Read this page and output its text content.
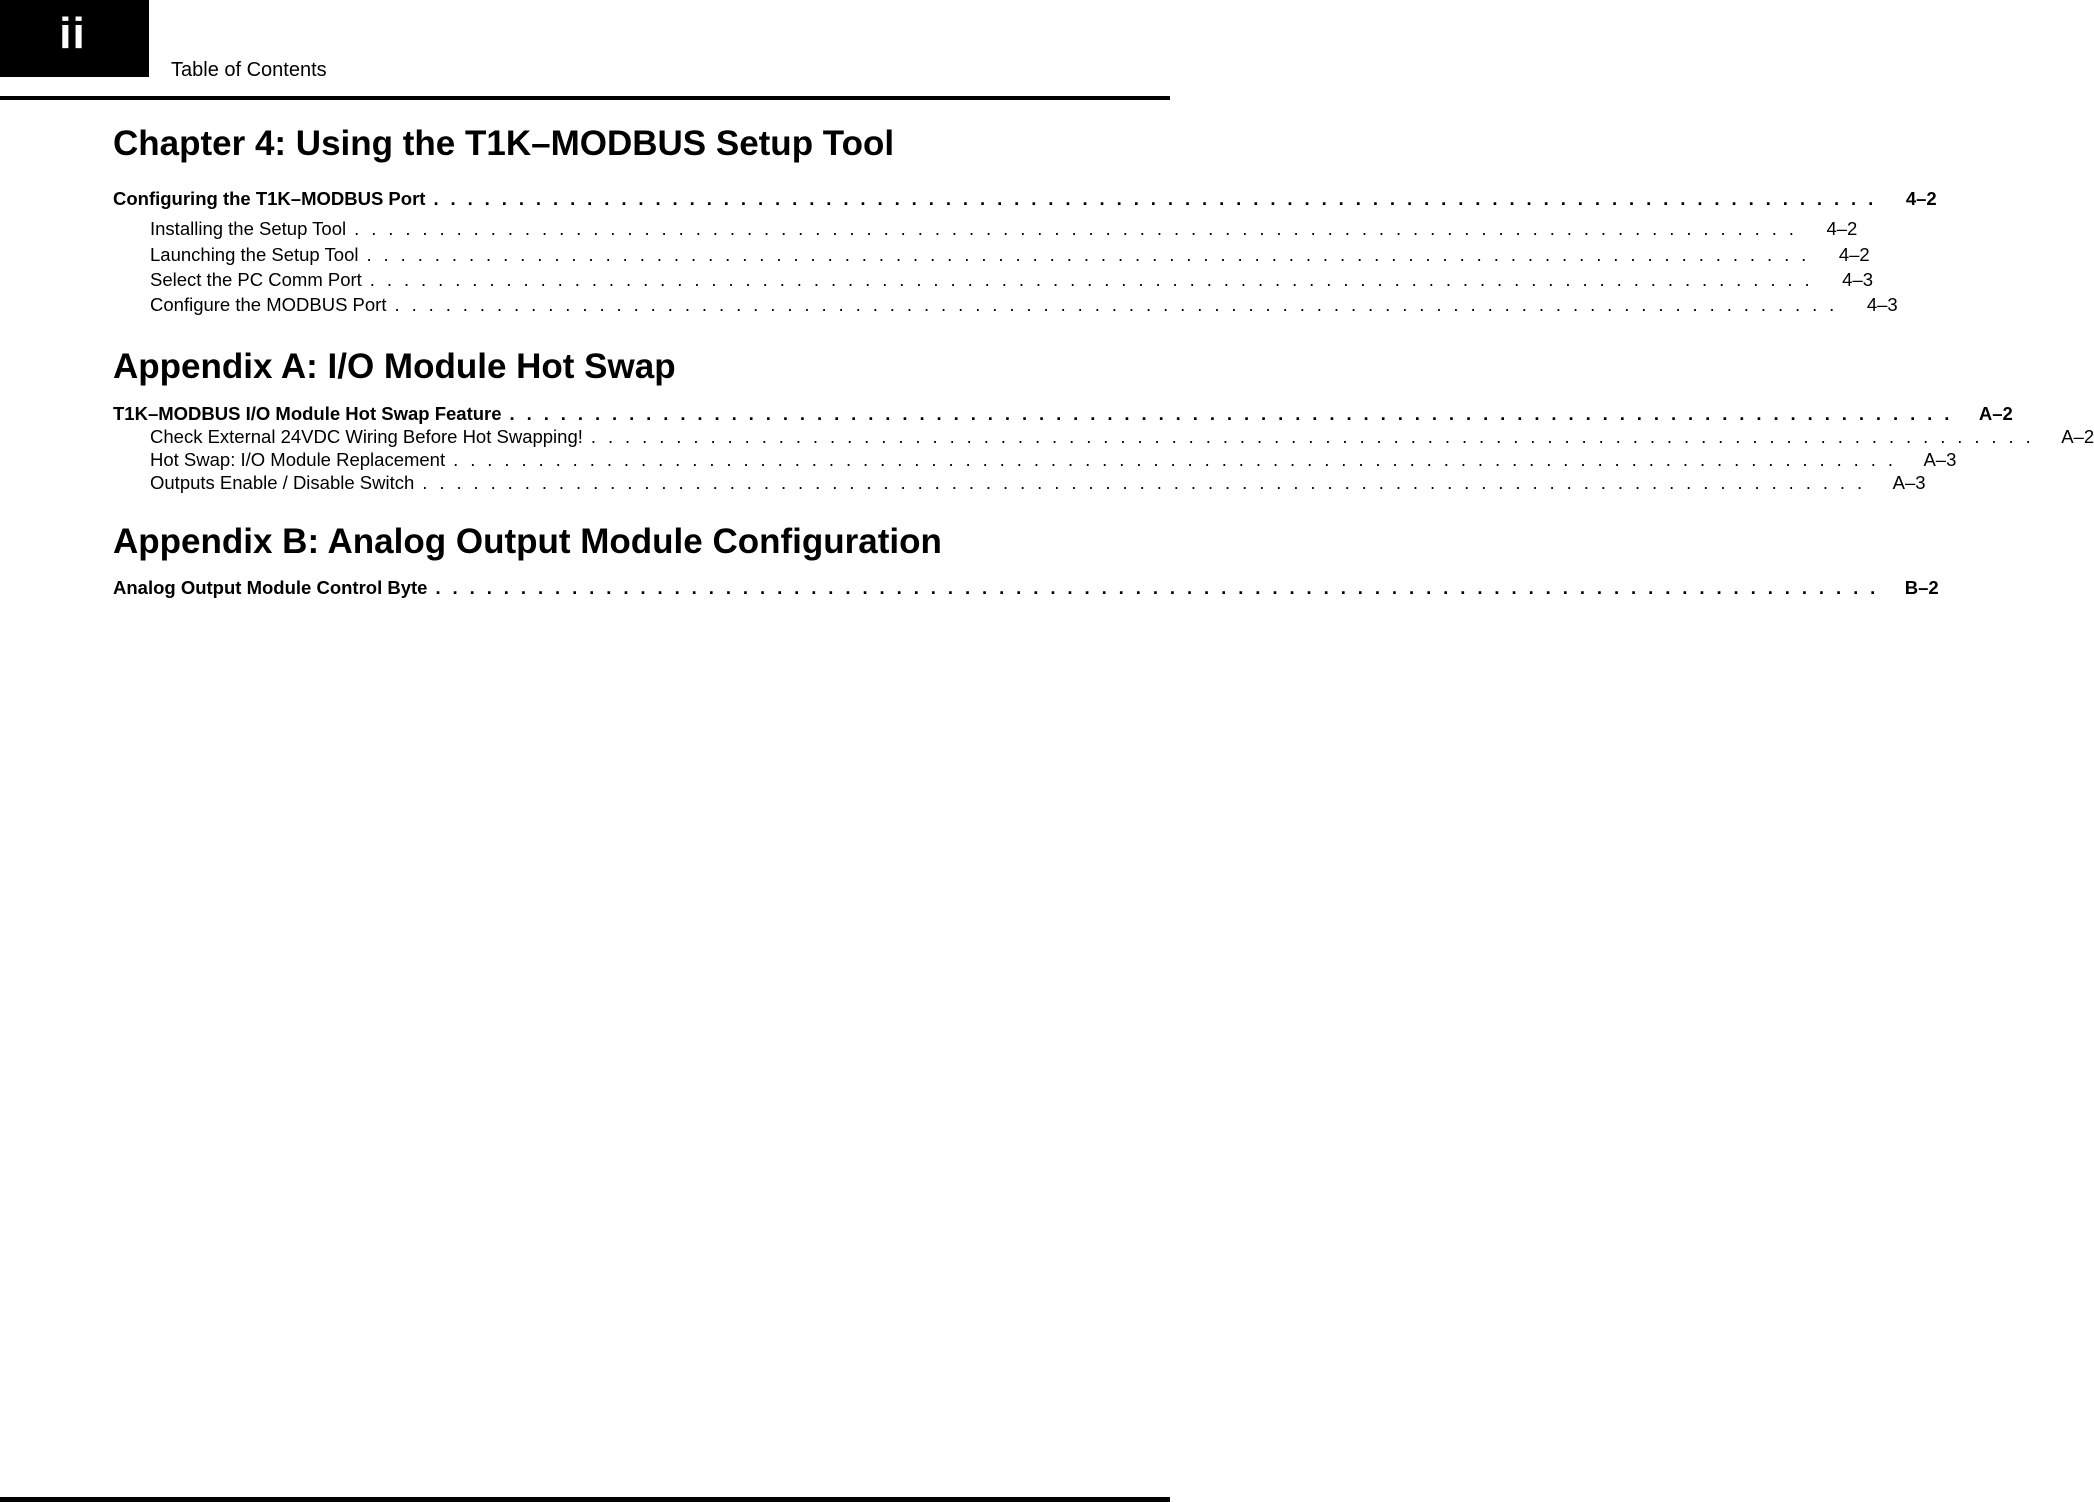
ii
Table of Contents
Chapter 4: Using the T1K–MODBUS Setup Tool
Configuring the T1K–MODBUS Port . . . . . . . . . . . . . . . . . . . . . . . . . . . . . . . . . . . . . . . . . . . . . . . . . . . . . . . . . . . . . . . . . . . . . . . . . . . . . . . . . . . . .	4–2
Installing the Setup Tool . . . . . . . . . . . . . . . . . . . . . . . . . . . . . . . . . . . . . . . . . . . . . . . . . . . . . . . . . . . . . . . . . . . . . . . . . . . . . . . . . . . . .	4–2
Launching the Setup Tool . . . . . . . . . . . . . . . . . . . . . . . . . . . . . . . . . . . . . . . . . . . . . . . . . . . . . . . . . . . . . . . . . . . . . . . . . . . . . . . . . . . . .	4–2
Select the PC Comm Port . . . . . . . . . . . . . . . . . . . . . . . . . . . . . . . . . . . . . . . . . . . . . . . . . . . . . . . . . . . . . . . . . . . . . . . . . . . . . . . . . . . . .	4–3
Configure the MODBUS Port . . . . . . . . . . . . . . . . . . . . . . . . . . . . . . . . . . . . . . . . . . . . . . . . . . . . . . . . . . . . . . . . . . . . . . . . . . . . . . . . . . . . .	4–3
Appendix A: I/O Module Hot Swap
T1K–MODBUS I/O Module Hot Swap Feature . . . . . . . . . . . . . . . . . . . . . . . . . . . . . . . . . . . . . . . . . . . . . . . . . . . . . . . . . . . . . . . . . . . . . . . . . . . . . . . . . . . . .	A–2
Check External 24VDC Wiring Before Hot Swapping! . . . . . . . . . . . . . . . . . . . . . . . . . . . . . . . . . . . . . . . . . . . . . . . . . . . . . . . . . . . . . . . . . . . . . . . . . . . . . . . . . . . . .	A–2
Hot Swap: I/O Module Replacement . . . . . . . . . . . . . . . . . . . . . . . . . . . . . . . . . . . . . . . . . . . . . . . . . . . . . . . . . . . . . . . . . . . . . . . . . . . . . . . . . . . . .	A–3
Outputs Enable / Disable Switch . . . . . . . . . . . . . . . . . . . . . . . . . . . . . . . . . . . . . . . . . . . . . . . . . . . . . . . . . . . . . . . . . . . . . . . . . . . . . . . . . . . . .	A–3
Appendix B: Analog Output Module Configuration
Analog Output Module Control Byte . . . . . . . . . . . . . . . . . . . . . . . . . . . . . . . . . . . . . . . . . . . . . . . . . . . . . . . . . . . . . . . . . . . . . . . . . . . . . . . . . . . . .	B–2
